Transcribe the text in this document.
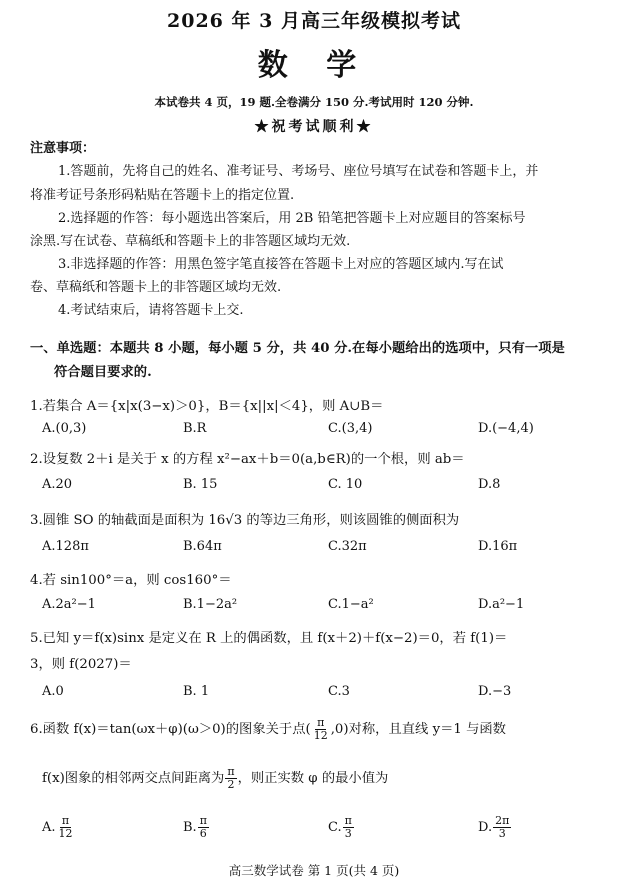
2026 年 3 月高三年级模拟考试
数 学
本试卷共 4 页，19 题.全卷满分 150 分.考试用时 120 分钟.
★祝考试顺利★
注意事项：
1.答题前，先将自己的姓名、准考证号、考场号、座位号填写在试卷和答题卡上，并
将准考证号条形码粘贴在答题卡上的指定位置.
2.选择题的作答：每小题选出答案后，用 2B 铅笔把答题卡上对应题目的答案标号
涂黑.写在试卷、草稿纸和答题卡上的非答题区域均无效.
3.非选择题的作答：用黑色签字笔直接答在答题卡上对应的答题区域内.写在试
卷、草稿纸和答题卡上的非答题区域均无效.
4.考试结束后，请将答题卡上交.
一、单选题：本题共 8 小题，每小题 5 分，共 40 分.在每小题给出的选项中，只有一项是
符合题目要求的.
1.若集合 A＝{x|x(3−x)＞0}，B＝{x||x|＜4}，则 A∪B＝
A.(0,3)	B.R	C.(3,4)	D.(−4,4)
2.设复数 2＋i 是关于 x 的方程 x²−ax＋b＝0(a,b∈R)的一个根，则 ab＝
A.20	B. 15	C. 10	D.8
3.圆锥 SO 的轴截面是面积为 16√3 的等边三角形，则该圆锥的侧面积为
A.128π	B.64π	C.32π	D.16π
4.若 sin100°＝a，则 cos160°＝
A.2a²−1	B.1−2a²	C.1−a²	D.a²−1
5.已知 y＝f(x)sinx 是定义在 R 上的偶函数，且 f(x＋2)＋f(x−2)＝0，若 f(1)＝
3，则 f(2027)＝
A.0	B. 1	C.3	D.−3
6.函数 f(x)＝tan(ωx＋φ)(ω＞0)的图象关于点( $\frac{\pi}{12} ,0$)对称，且直线 y＝1 与函数
f(x)图象的相邻两交点间距离为 $\frac{\pi}{2}$ ，则正实数 φ 的最小值为
A. $\frac{\pi}{12}$	B. $\frac{\pi}{6}$	C. $\frac{\pi}{3}$	D. $\frac{2\pi}{3}$
高三数学试卷 第 1 页(共 4 页)
